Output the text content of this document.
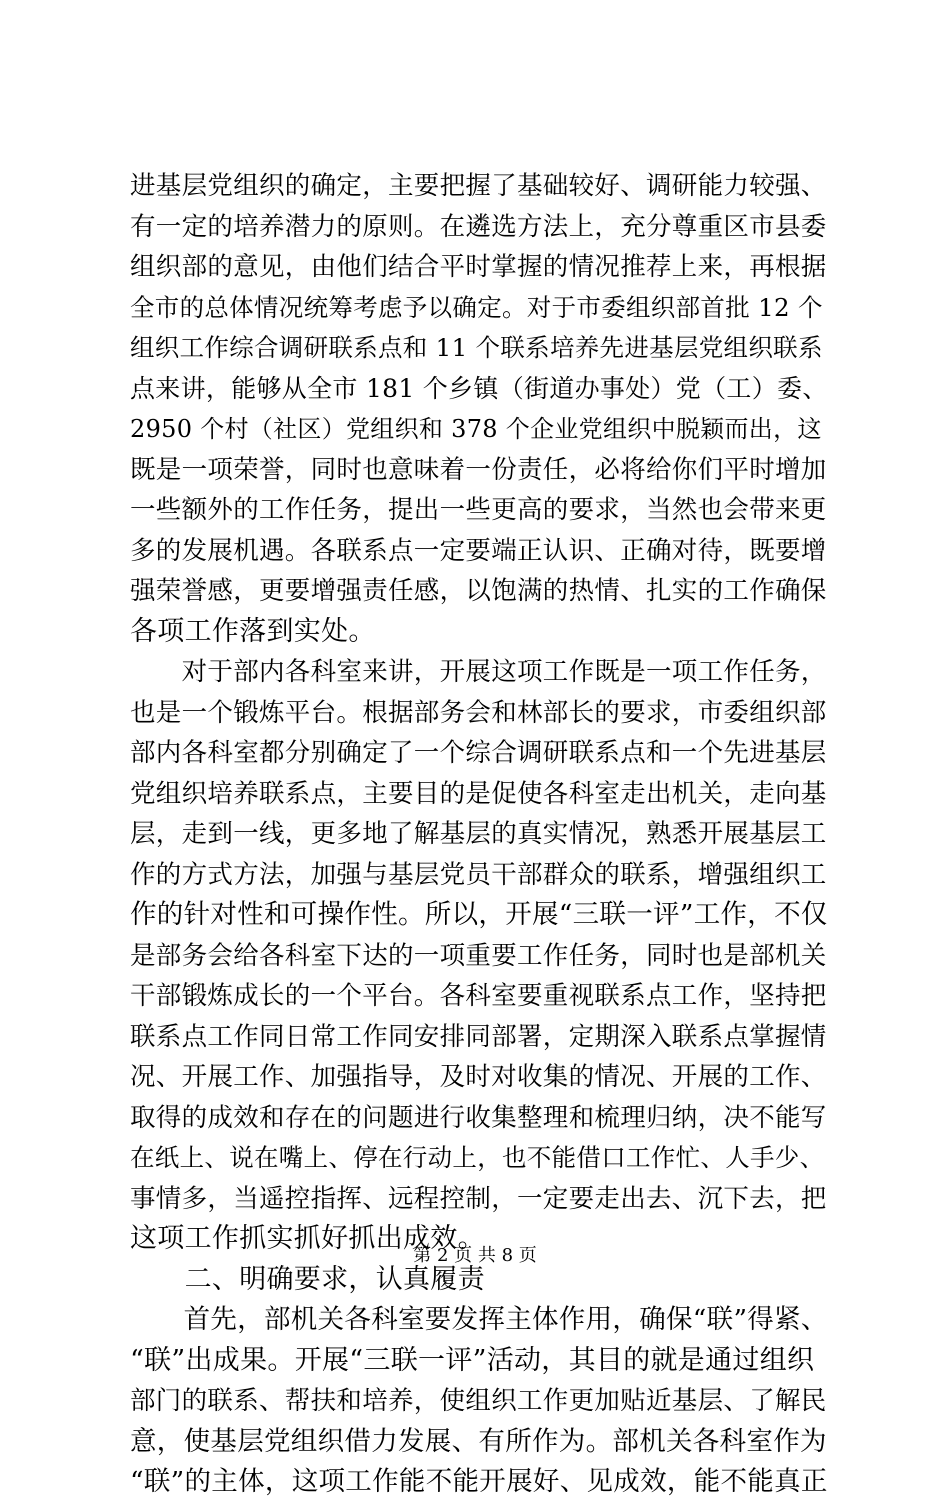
进基层党组织的确定，主要把握了基础较好、调研能力较强、
有一定的培养潜力的原则。在遴选方法上，充分尊重区市县委
组织部的意见，由他们结合平时掌握的情况推荐上来，再根据
全市的总体情况统筹考虑予以确定。对于市委组织部首批 12 个
组织工作综合调研联系点和 11 个联系培养先进基层党组织联系
点来讲，能够从全市 181 个乡镇（街道办事处）党（工）委、
2950 个村（社区）党组织和 378 个企业党组织中脱颖而出，这
既是一项荣誉，同时也意味着一份责任，必将给你们平时增加
一些额外的工作任务，提出一些更高的要求，当然也会带来更
多的发展机遇。各联系点一定要端正认识、正确对待，既要增
强荣誉感，更要增强责任感，以饱满的热情、扎实的工作确保
各项工作落到实处。
　　对于部内各科室来讲，开展这项工作既是一项工作任务，
也是一个锻炼平台。根据部务会和林部长的要求，市委组织部
部内各科室都分别确定了一个综合调研联系点和一个先进基层
党组织培养联系点，主要目的是促使各科室走出机关，走向基
层，走到一线，更多地了解基层的真实情况，熟悉开展基层工
作的方式方法，加强与基层党员干部群众的联系，增强组织工
作的针对性和可操作性。所以，开展“三联一评”工作，不仅
是部务会给各科室下达的一项重要工作任务，同时也是部机关
干部锻炼成长的一个平台。各科室要重视联系点工作，坚持把
联系点工作同日常工作同安排同部署，定期深入联系点掌握情
况、开展工作、加强指导，及时对收集的情况、开展的工作、
取得的成效和存在的问题进行收集整理和梳理归纳，决不能写
在纸上、说在嘴上、停在行动上，也不能借口工作忙、人手少、
事情多，当遥控指挥、远程控制，一定要走出去、沉下去，把
这项工作抓实抓好抓出成效。
　　二、明确要求，认真履责
　　首先，部机关各科室要发挥主体作用，确保“联”得紧、
“联”出成果。开展“三联一评”活动，其目的就是通过组织
部门的联系、帮扶和培养，使组织工作更加贴近基层、了解民
意，使基层党组织借力发展、有所作为。部机关各科室作为
“联”的主体，这项工作能不能开展好、见成效，能不能真正
第 2 页 共 8 页
